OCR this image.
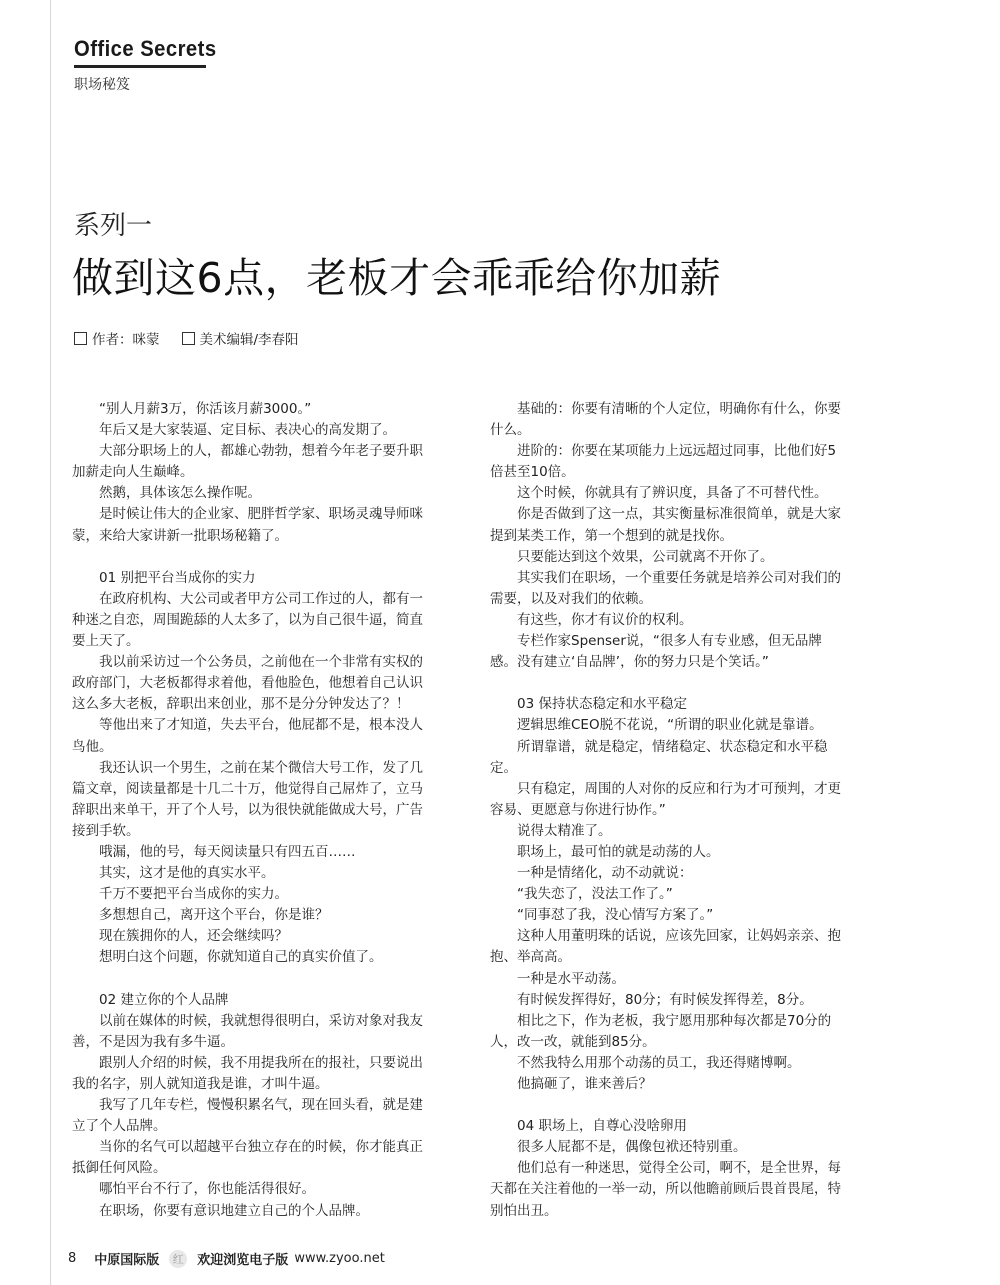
Office Secrets
职场秘笈
系列一
做到这6点，老板才会乖乖给你加薪
作者：咪蒙	美术编辑/李春阳

“别人月薪3万，你活该月薪3000。”

年后又是大家装逼、定目标、表决心的高发期了。

大部分职场上的人，都雄心勃勃，想着今年老子要升职加薪走向人生巅峰。

然鹅，具体该怎么操作呢。

是时候让伟大的企业家、肥胖哲学家、职场灵魂导师咪蒙，来给大家讲新一批职场秘籍了。

01 别把平台当成你的实力

在政府机构、大公司或者甲方公司工作过的人，都有一种迷之自恋，周围跪舔的人太多了，以为自己很牛逼，简直要上天了。

我以前采访过一个公务员，之前他在一个非常有实权的政府部门，大老板都得求着他，看他脸色，他想着自己认识这么多大老板，辞职出来创业，那不是分分钟发达了？！

等他出来了才知道，失去平台，他屁都不是，根本没人鸟他。

我还认识一个男生，之前在某个微信大号工作，发了几篇文章，阅读量都是十几二十万，他觉得自己屌炸了，立马辞职出来单干，开了个人号，以为很快就能做成大号，广告接到手软。

哦漏，他的号，每天阅读量只有四五百……

其实，这才是他的真实水平。

千万不要把平台当成你的实力。

多想想自己，离开这个平台，你是谁？

现在簇拥你的人，还会继续吗？

想明白这个问题，你就知道自己的真实价值了。

02 建立你的个人品牌

以前在媒体的时候，我就想得很明白，采访对象对我友善，不是因为我有多牛逼。

跟别人介绍的时候，我不用提我所在的报社，只要说出我的名字，别人就知道我是谁，才叫牛逼。

我写了几年专栏，慢慢积累名气，现在回头看，就是建立了个人品牌。

当你的名气可以超越平台独立存在的时候，你才能真正抵御任何风险。

哪怕平台不行了，你也能活得很好。

在职场，你要有意识地建立自己的个人品牌。

基础的：你要有清晰的个人定位，明确你有什么，你要什么。

进阶的：你要在某项能力上远远超过同事，比他们好5倍甚至10倍。

这个时候，你就具有了辨识度，具备了不可替代性。

你是否做到了这一点，其实衡量标准很简单，就是大家提到某类工作，第一个想到的就是找你。

只要能达到这个效果，公司就离不开你了。

其实我们在职场，一个重要任务就是培养公司对我们的需要，以及对我们的依赖。

有这些，你才有议价的权利。

专栏作家Spenser说，“很多人有专业感，但无品牌感。没有建立‘自品牌’，你的努力只是个笑话。”

03 保持状态稳定和水平稳定

逻辑思维CEO脱不花说，“所谓的职业化就是靠谱。

所谓靠谱，就是稳定，情绪稳定、状态稳定和水平稳定。

只有稳定，周围的人对你的反应和行为才可预判，才更容易、更愿意与你进行协作。”

说得太精准了。

职场上，最可怕的就是动荡的人。

一种是情绪化，动不动就说：

“我失恋了，没法工作了。”

“同事怼了我，没心情写方案了。”

这种人用董明珠的话说，应该先回家，让妈妈亲亲、抱抱、举高高。

一种是水平动荡。

有时候发挥得好，80分；有时候发挥得差，8分。

相比之下，作为老板，我宁愿用那种每次都是70分的人，改一改，就能到85分。

不然我特么用那个动荡的员工，我还得赌博啊。

他搞砸了，谁来善后？

04 职场上，自尊心没啥卵用

很多人屁都不是，偶像包袱还特别重。

他们总有一种迷思，觉得全公司，啊不，是全世界，每天都在关注着他的一举一动，所以他瞻前顾后畏首畏尾，特别怕出丑。

8 中原国际版	红 欢迎浏览电子版 www.zyoo.net
